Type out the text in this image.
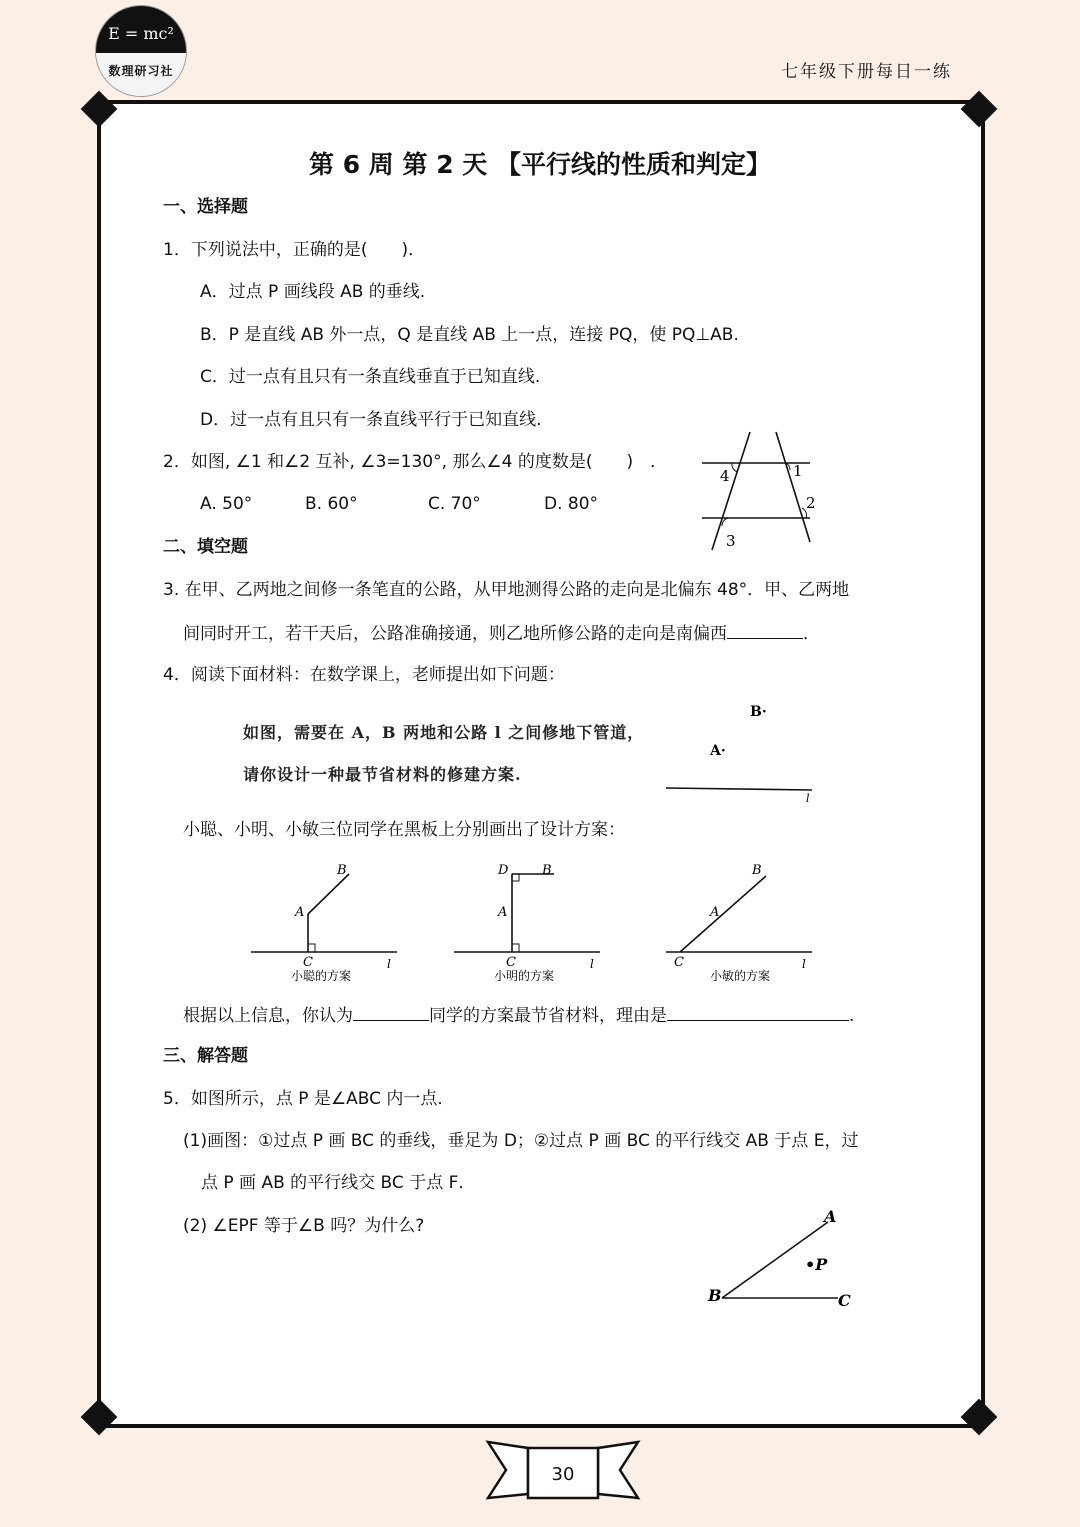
E = mc²
数理研习社	七年级下册每日一练
第 6 周 第 2 天 【平行线的性质和判定】
一、选择题
1．下列说法中，正确的是(　　)．
A．过点 P 画线段 AB 的垂线.
B．P 是直线 AB 外一点，Q 是直线 AB 上一点，连接 PQ，使 PQ⊥AB.
C．过一点有且只有一条直线垂直于已知直线.
D．过一点有且只有一条直线平行于已知直线.
2．如图, ∠1 和∠2 互补, ∠3=130°, 那么∠4 的度数是(　　)　．
A. 50°	B. 60°	C. 70°	D. 80°
4	1
2
3
二、填空题
3. 在甲、乙两地之间修一条笔直的公路，从甲地测得公路的走向是北偏东 48°．甲、乙两地
间同时开工，若干天后，公路准确接通，则乙地所修公路的走向是南偏西	．
4．阅读下面材料：在数学课上，老师提出如下问题：
如图，需要在 A，B 两地和公路 l 之间修地下管道，
请你设计一种最节省材料的修建方案.
B·
A·
l
小聪、小明、小敏三位同学在黑板上分别画出了设计方案：
B
A
C	l
小聪的方案
D	B
A
C	l
小明的方案
B
A
C	l
小敏的方案
根据以上信息，你认为	同学的方案最节省材料，理由是	.
三、解答题
5．如图所示，点 P 是∠ABC 内一点．
(1)画图：①过点 P 画 BC 的垂线，垂足为 D；②过点 P 画 BC 的平行线交 AB 于点 E，过
点 P 画 AB 的平行线交 BC 于点 F．
(2) ∠EPF 等于∠B 吗？为什么?	A
•P
B	C
30
